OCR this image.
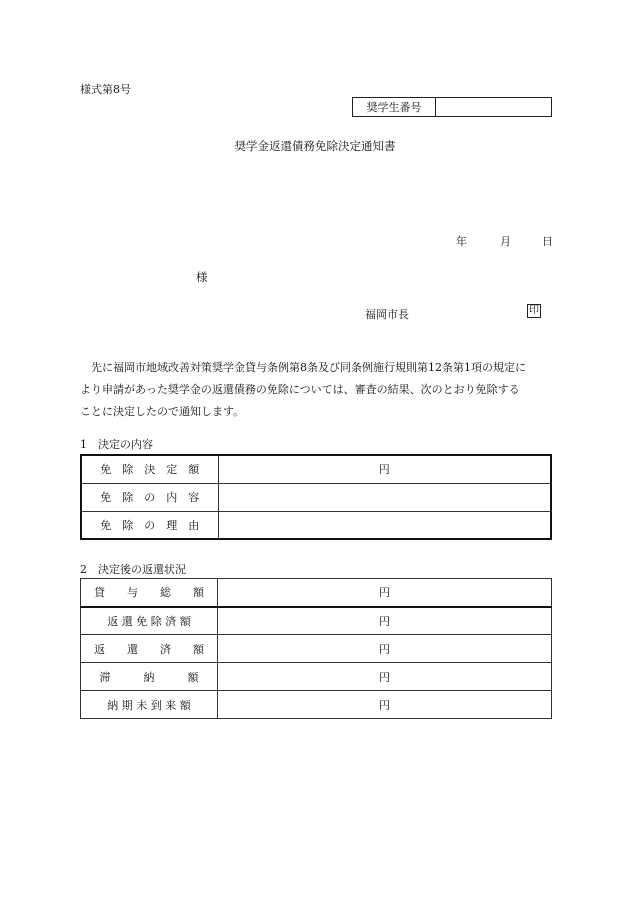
様式第8号
奨学生番号
奨学金返還債務免除決定通知書
年	月	日
様
福岡市長	印
　先に福岡市地域改善対策奨学金貸与条例第8条及び同条例施行規則第12条第1項の規定に
より申請があった奨学金の返還債務の免除については、審査の結果、次のとおり免除する
ことに決定したので通知します。
1　決定の内容
免　除　決　定　額	円
免　除　の　内　容	
免　除　の　理　由	
2　決定後の返還状況
貸　　与　　総　　額	円
返 還 免 除 済 額	円
返　　還　　済　　額	円
滞　　　納　　　額	円
納 期 未 到 来 額	円
